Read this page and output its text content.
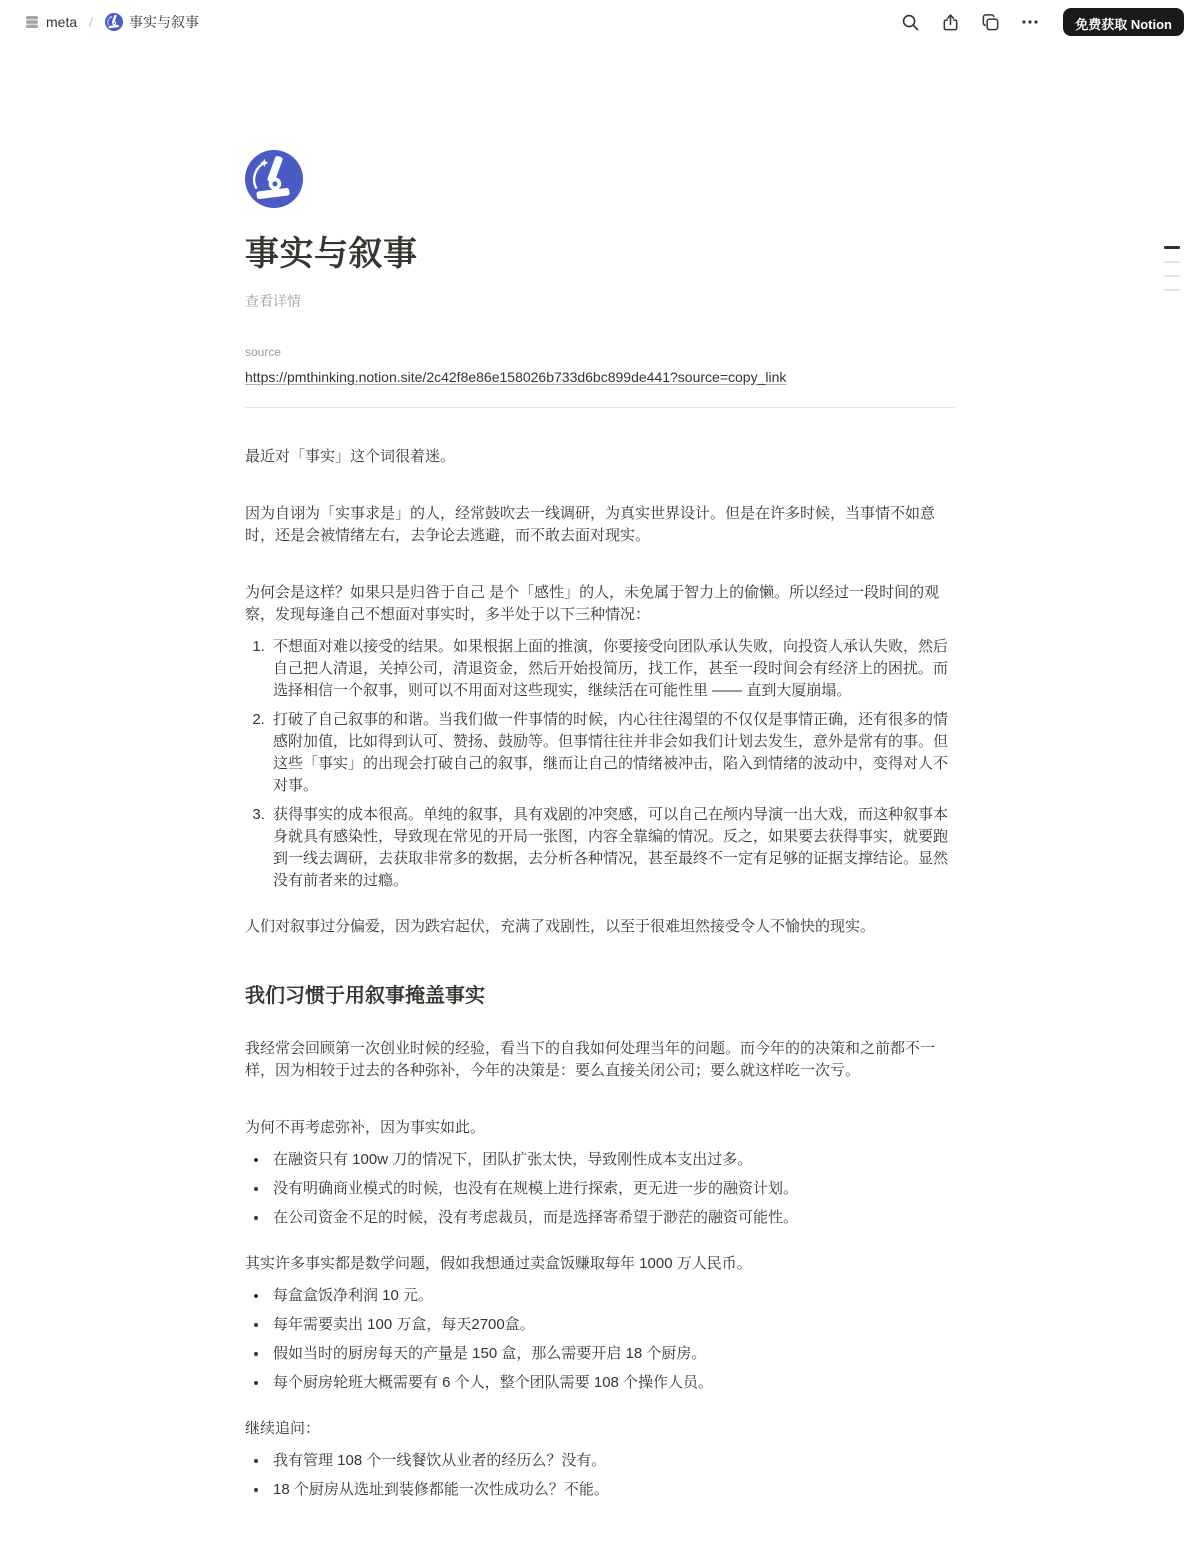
meta /	事实与叙事	免费获取 Notion
事实与叙事
查看详情
source
https://pmthinking.notion.site/2c42f8e86e158026b733d6bc899de441?source=copy_link

最近对「事实」这个词很着迷。

因为自诩为「实事求是」的人，经常鼓吹去一线调研，为真实世界设计。但是在许多时候，当事情不如意时，还是会被情绪左右，去争论去逃避，而不敢去面对现实。

为何会是这样？如果只是归咎于自己 是个「感性」的人，未免属于智力上的偷懒。所以经过一段时间的观察，发现每逢自己不想面对事实时，多半处于以下三种情况：

1. 不想面对难以接受的结果。如果根据上面的推演，你要接受向团队承认失败，向投资人承认失败，然后自己把人清退，关掉公司，清退资金，然后开始投简历，找工作，甚至一段时间会有经济上的困扰。而选择相信一个叙事，则可以不用面对这些现实，继续活在可能性里 —— 直到大厦崩塌。
2. 打破了自己叙事的和谐。当我们做一件事情的时候，内心往往渴望的不仅仅是事情正确，还有很多的情感附加值，比如得到认可、赞扬、鼓励等。但事情往往并非会如我们计划去发生，意外是常有的事。但这些「事实」的出现会打破自己的叙事，继而让自己的情绪被冲击，陷入到情绪的波动中，变得对人不对事。
3. 获得事实的成本很高。单纯的叙事，具有戏剧的冲突感，可以自己在颅内导演一出大戏，而这种叙事本身就具有感染性，导致现在常见的开局一张图，内容全靠编的情况。反之，如果要去获得事实，就要跑到一线去调研，去获取非常多的数据，去分析各种情况，甚至最终不一定有足够的证据支撑结论。显然没有前者来的过瘾。

人们对叙事过分偏爱，因为跌宕起伏，充满了戏剧性，以至于很难坦然接受令人不愉快的现实。

我们习惯于用叙事掩盖事实

我经常会回顾第一次创业时候的经验，看当下的自我如何处理当年的问题。而今年的的决策和之前都不一样，因为相较于过去的各种弥补，今年的决策是：要么直接关闭公司；要么就这样吃一次亏。

为何不再考虑弥补，因为事实如此。

• 在融资只有 100w 刀的情况下，团队扩张太快，导致刚性成本支出过多。
• 没有明确商业模式的时候，也没有在规模上进行探索，更无进一步的融资计划。
• 在公司资金不足的时候，没有考虑裁员，而是选择寄希望于渺茫的融资可能性。

其实许多事实都是数学问题，假如我想通过卖盒饭赚取每年 1000 万人民币。

• 每盒盒饭净利润 10 元。
• 每年需要卖出 100 万盒，每天2700盒。
• 假如当时的厨房每天的产量是 150 盒，那么需要开启 18 个厨房。
• 每个厨房轮班大概需要有 6 个人，整个团队需要 108 个操作人员。

继续追问：

• 我有管理 108 个一线餐饮从业者的经历么？没有。
• 18 个厨房从选址到装修都能一次性成功么？不能。
